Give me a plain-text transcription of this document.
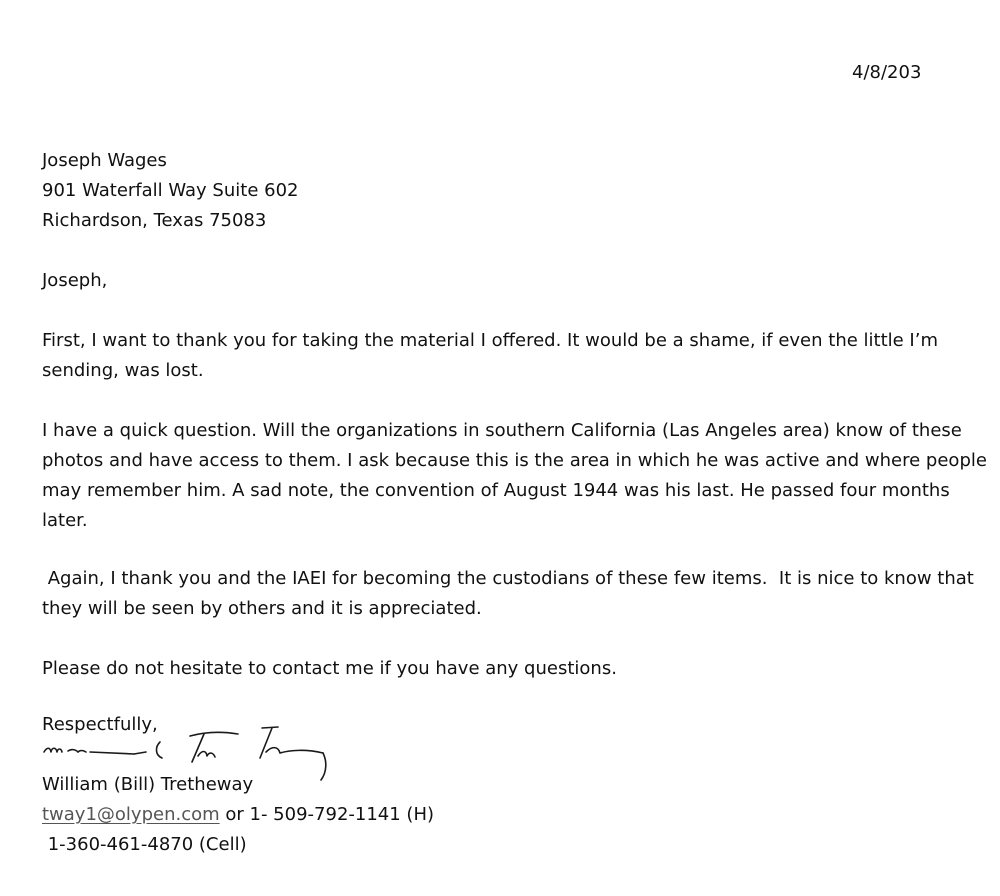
4/8/203
Joseph Wages
901 Waterfall Way Suite 602
Richardson, Texas 75083
Joseph,
First, I want to thank you for taking the material I offered. It would be a shame, if even the little I’m sending, was lost.
I have a quick question. Will the organizations in southern California (Las Angeles area) know of these photos and have access to them. I ask because this is the area in which he was active and where people may remember him. A sad note, the convention of August 1944 was his last. He passed four months later.
Again, I thank you and the IAEI for becoming the custodians of these few items.  It is nice to know that they will be seen by others and it is appreciated.
Please do not hesitate to contact me if you have any questions.
Respectfully,
William (Bill) Tretheway
tway1@olypen.com or 1- 509-792-1141 (H)
1-360-461-4870 (Cell)
